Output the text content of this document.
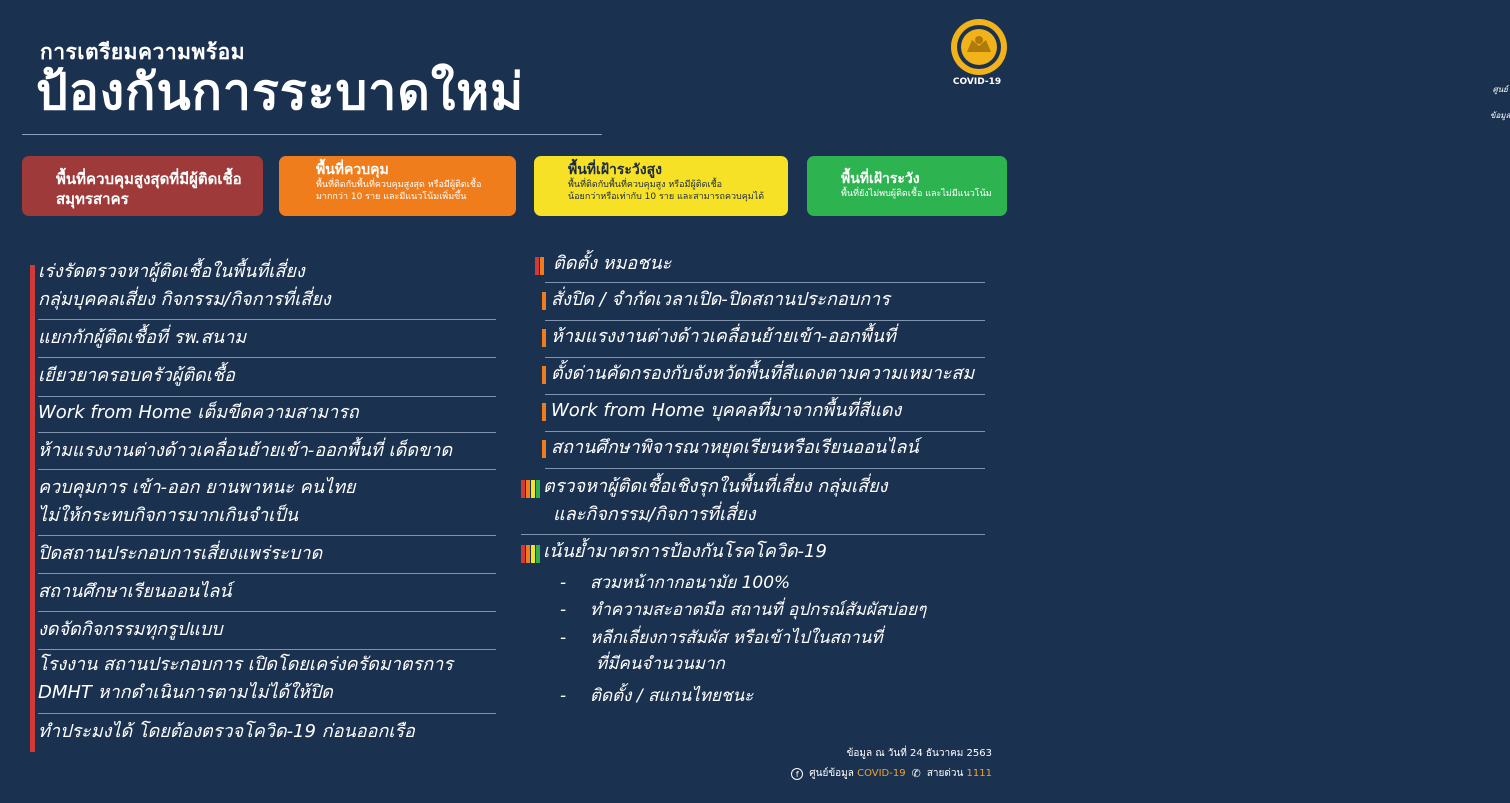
การเตรียมความพร้อม
ป้องกันการระบาดใหม่	ศูนย์ข้อมูล
COVID-19
พื้นที่ควบคุมสูงสุดที่มีผู้ติดเชื้อ
สมุทรสาคร
พื้นที่ควบคุม
พื้นที่ติดกับพื้นที่ควบคุมสูงสุด หรือมีผู้ติดเชื้อ
มากกว่า 10 ราย และมีแนวโน้มเพิ่มขึ้น
พื้นที่เฝ้าระวังสูง
พื้นที่ติดกับพื้นที่ควบคุมสูง หรือมีผู้ติดเชื้อ
น้อยกว่าหรือเท่ากับ 10 ราย และสามารถควบคุมได้
พื้นที่เฝ้าระวัง
พื้นที่ยังไม่พบผู้ติดเชื้อ และไม่มีแนวโน้ม
เร่งรัดตรวจหาผู้ติดเชื้อในพื้นที่เสี่ยง
กลุ่มบุคคลเสี่ยง กิจกรรม/กิจการที่เสี่ยง
แยกกักผู้ติดเชื้อที่ รพ.สนาม
เยียวยาครอบครัวผู้ติดเชื้อ
Work from Home เต็มขีดความสามารถ
ห้ามแรงงานต่างด้าวเคลื่อนย้ายเข้า-ออกพื้นที่ เด็ดขาด
ควบคุมการ เข้า-ออก ยานพาหนะ คนไทย
ไม่ให้กระทบกิจการมากเกินจำเป็น
ปิดสถานประกอบการเสี่ยงแพร่ระบาด
สถานศึกษาเรียนออนไลน์
งดจัดกิจกรรมทุกรูปแบบ
โรงงาน สถานประกอบการ เปิดโดยเคร่งครัดมาตรการ
DMHT หากดำเนินการตามไม่ได้ให้ปิด
ทำประมงได้ โดยต้องตรวจโควิด-19 ก่อนออกเรือ
ติดตั้ง หมอชนะ
สั่งปิด / จำกัดเวลาเปิด-ปิดสถานประกอบการ
ห้ามแรงงานต่างด้าวเคลื่อนย้ายเข้า-ออกพื้นที่
ตั้งด่านคัดกรองกับจังหวัดพื้นที่สีแดงตามความเหมาะสม
Work from Home บุคคลที่มาจากพื้นที่สีแดง
สถานศึกษาพิจารณาหยุดเรียนหรือเรียนออนไลน์
ตรวจหาผู้ติดเชื้อเชิงรุกในพื้นที่เสี่ยง กลุ่มเสี่ยง
และกิจกรรม/กิจการที่เสี่ยง
เน้นย้ำมาตรการป้องกันโรคโควิด-19
- สวมหน้ากากอนามัย 100%
- ทำความสะอาดมือ สถานที่ อุปกรณ์สัมผัสบ่อยๆ
- หลีกเลี่ยงการสัมผัส หรือเข้าไปในสถานที่
ที่มีคนจำนวนมาก
- ติดตั้ง / สแกนไทยชนะ
ข้อมูล ณ วันที่ 24 ธันวาคม 2563
f	ศูนย์ข้อมูล COVID-19 ✆ สายด่วน 1111
